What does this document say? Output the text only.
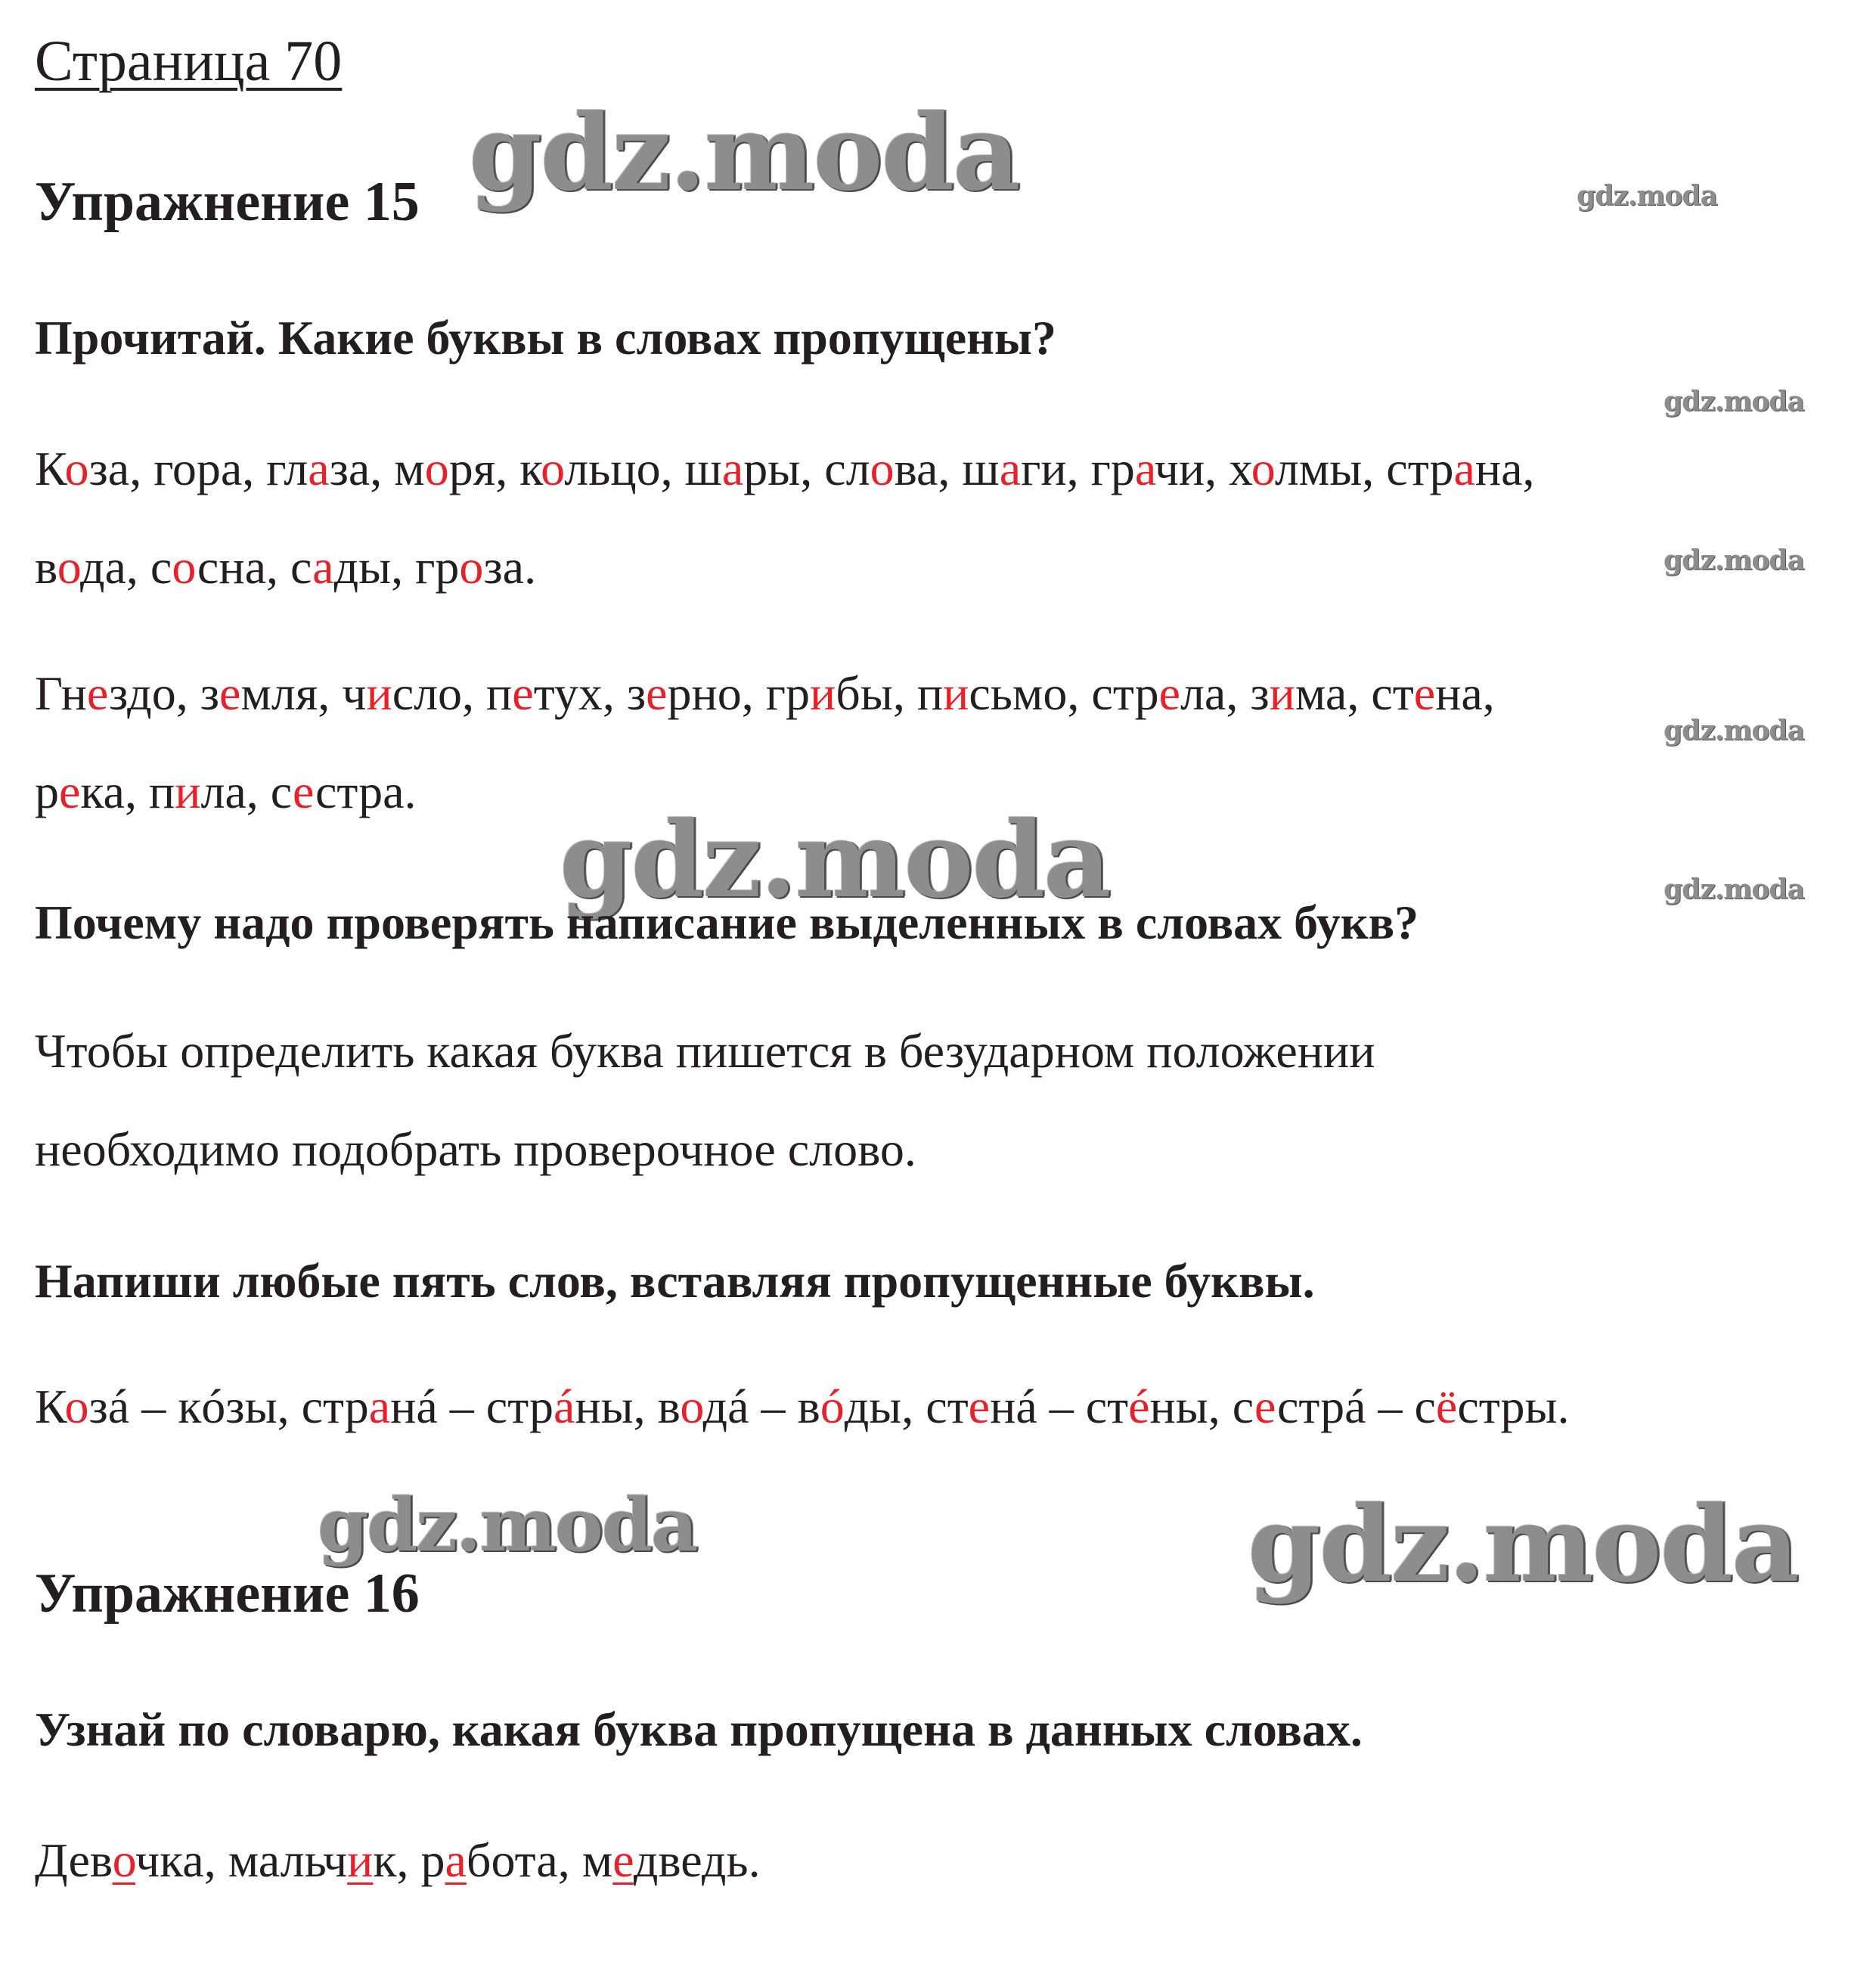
gdz.moda	gdz.moda
gdz.moda
gdz.moda
gdz.moda
gdz.moda
gdz.moda
gdz.moda	gdz.moda
Страница 70
Упражнение 15
Прочитай. Какие буквы в словах пропущены?
Коза, гора, глаза, моря, кольцо, шары, слова, шаги, грачи, холмы, страна,
вода, сосна, сады, гроза.
Гнездо, земля, число, петух, зерно, грибы, письмо, стрела, зима, стена,
река, пила, сестра.
Почему надо проверять написание выделенных в словах букв?
Чтобы определить какая буква пишется в безударном положении
необходимо подобрать проверочное слово.
Напиши любые пять слов, вставляя пропущенные буквы.
Козá – кóзы, странá – стрáны, водá – вóды, стенá – стéны, сестрá – сёстры.
Упражнение 16
Узнай по словарю, какая буква пропущена в данных словах.
Девочка, мальчик, работа, медведь.
